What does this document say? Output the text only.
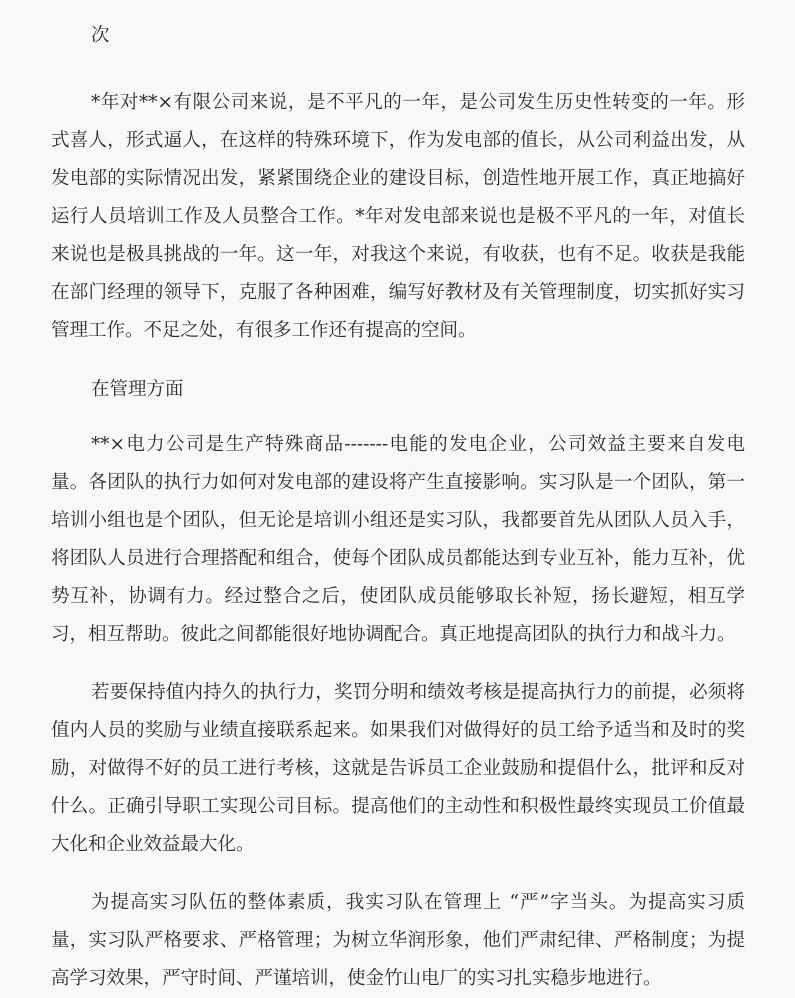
次

*年对**×有限公司来说，是不平凡的一年，是公司发生历史性转变的一年。形
式喜人，形式逼人，在这样的特殊环境下，作为发电部的值长，从公司利益出发，从
发电部的实际情况出发，紧紧围绕企业的建设目标，创造性地开展工作，真正地搞好
运行人员培训工作及人员整合工作。*年对发电部来说也是极不平凡的一年，对值长
来说也是极具挑战的一年。这一年，对我这个来说，有收获，也有不足。收获是我能
在部门经理的领导下，克服了各种困难，编写好教材及有关管理制度，切实抓好实习
管理工作。不足之处，有很多工作还有提高的空间。

在管理方面

**×电力公司是生产特殊商品-------电能的发电企业，公司效益主要来自发电
量。各团队的执行力如何对发电部的建设将产生直接影响。实习队是一个团队，第一
培训小组也是个团队，但无论是培训小组还是实习队，我都要首先从团队人员入手，
将团队人员进行合理搭配和组合，使每个团队成员都能达到专业互补，能力互补，优
势互补，协调有力。经过整合之后，使团队成员能够取长补短，扬长避短，相互学
习，相互帮助。彼此之间都能很好地协调配合。真正地提高团队的执行力和战斗力。
若要保持值内持久的执行力，奖罚分明和绩效考核是提高执行力的前提，必须将
值内人员的奖励与业绩直接联系起来。如果我们对做得好的员工给予适当和及时的奖
励，对做得不好的员工进行考核，这就是告诉员工企业鼓励和提倡什么，批评和反对
什么。正确引导职工实现公司目标。提高他们的主动性和积极性最终实现员工价值最
大化和企业效益最大化。
为提高实习队伍的整体素质，我实习队在管理上 “严”字当头。为提高实习质
量，实习队严格要求、严格管理；为树立华润形象，他们严肃纪律、严格制度；为提
高学习效果，严守时间、严谨培训，使金竹山电厂的实习扎实稳步地进行。
